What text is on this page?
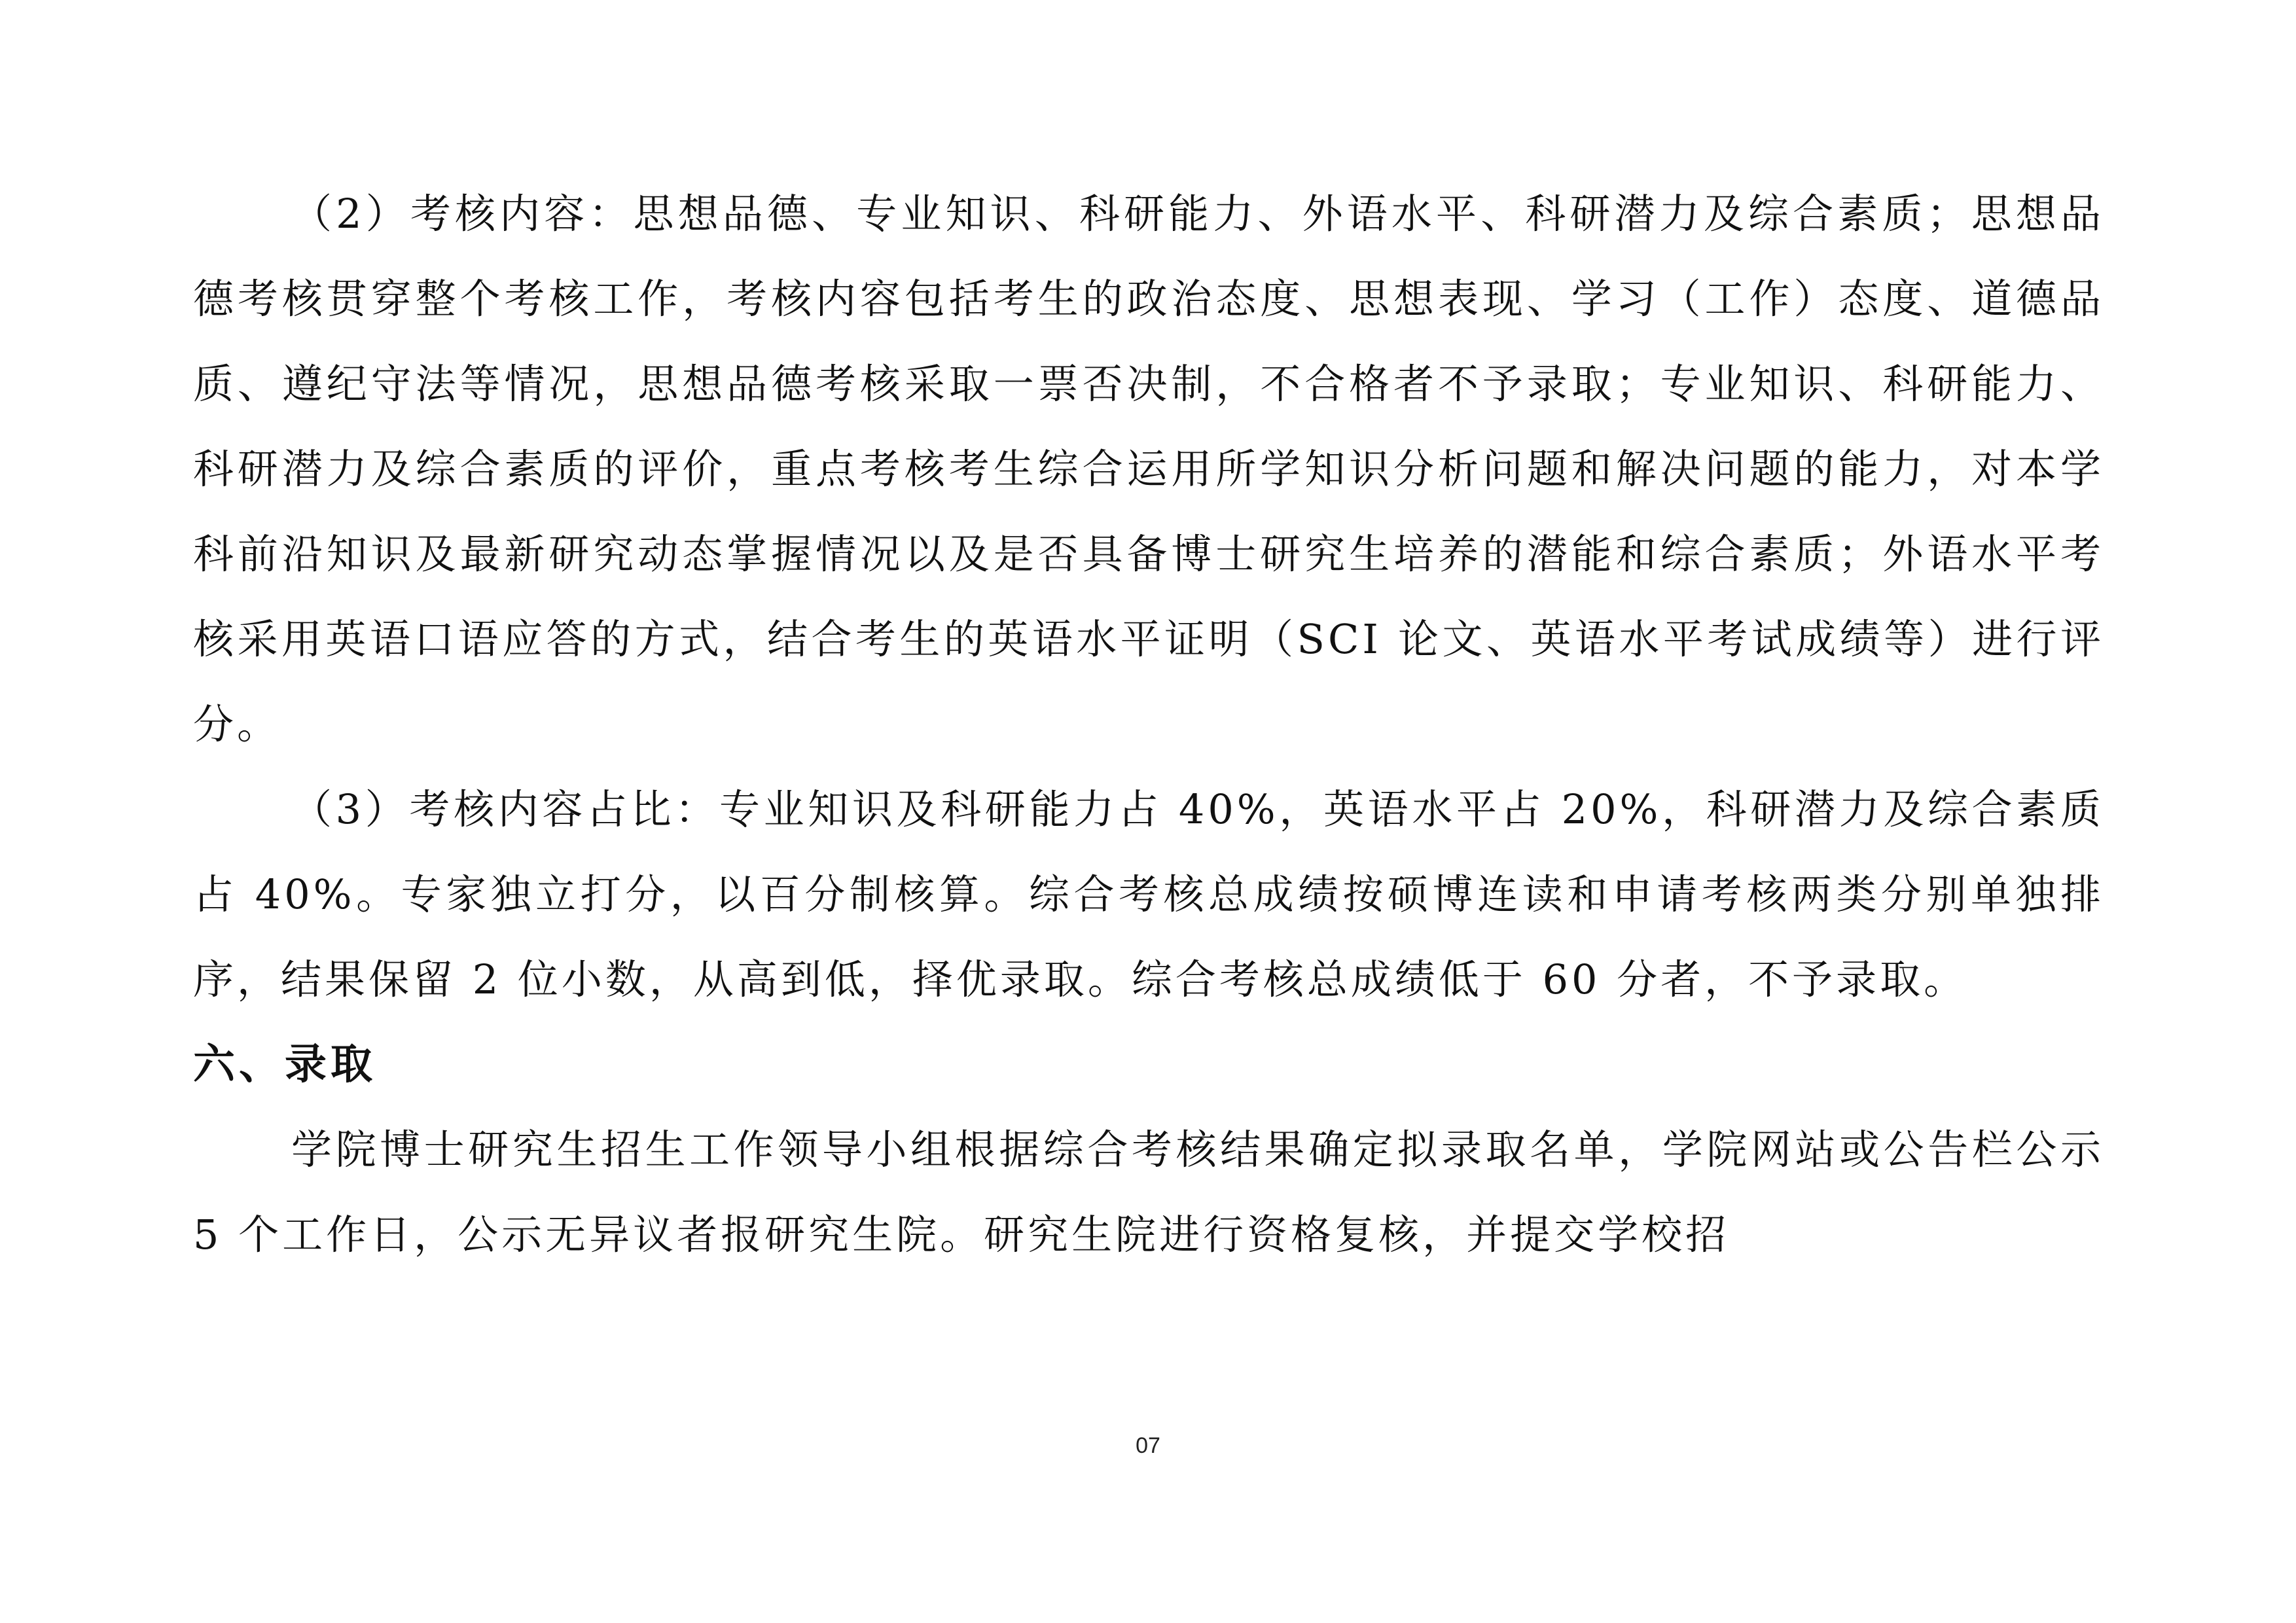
（2）考核内容：思想品德、专业知识、科研能力、外语水平、科研潜力及综合素质；思想品德考核贯穿整个考核工作，考核内容包括考生的政治态度、思想表现、学习（工作）态度、道德品质、遵纪守法等情况，思想品德考核采取一票否决制，不合格者不予录取；专业知识、科研能力、科研潜力及综合素质的评价，重点考核考生综合运用所学知识分析问题和解决问题的能力，对本学科前沿知识及最新研究动态掌握情况以及是否具备博士研究生培养的潜能和综合素质；外语水平考核采用英语口语应答的方式，结合考生的英语水平证明（SCI 论文、英语水平考试成绩等）进行评分。

（3）考核内容占比：专业知识及科研能力占 40%，英语水平占 20%，科研潜力及综合素质占 40%。专家独立打分，以百分制核算。综合考核总成绩按硕博连读和申请考核两类分别单独排序，结果保留 2 位小数，从高到低，择优录取。综合考核总成绩低于 60 分者，不予录取。

六、录取

学院博士研究生招生工作领导小组根据综合考核结果确定拟录取名单，学院网站或公告栏公示 5 个工作日，公示无异议者报研究生院。研究生院进行资格复核，并提交学校招

07
